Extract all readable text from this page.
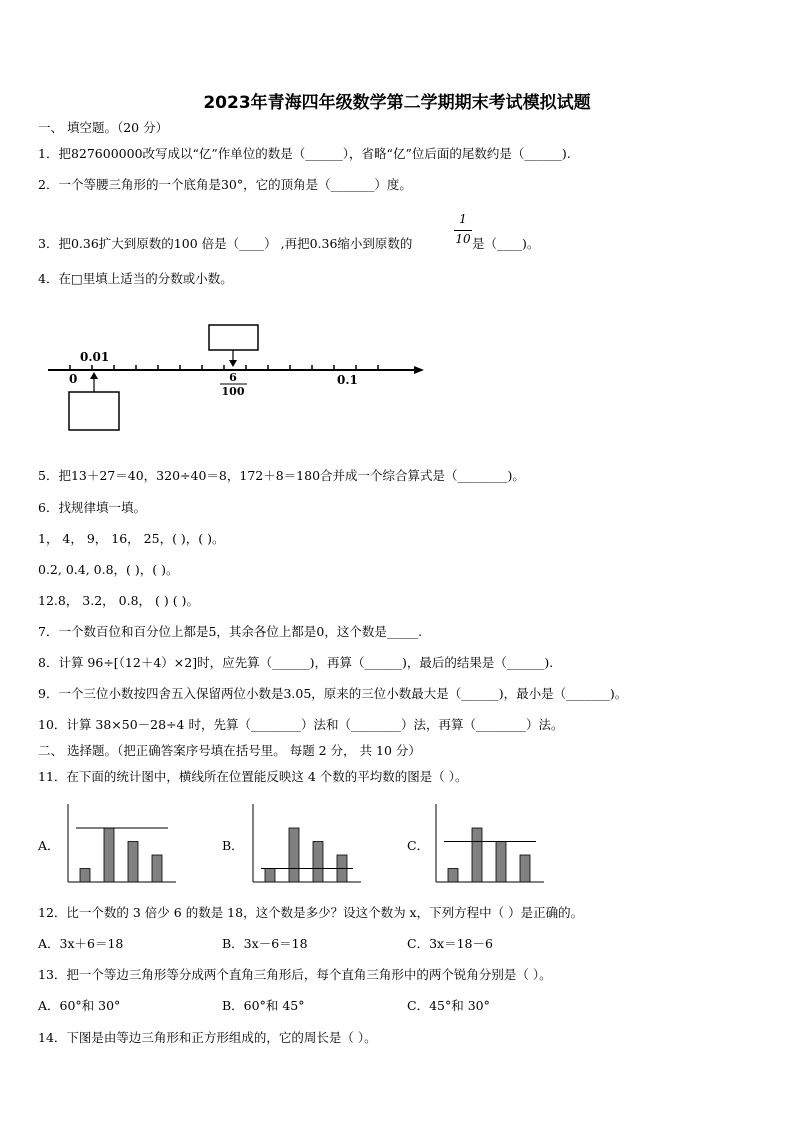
2023年青海四年级数学第二学期期末考试模拟试题
一、 填空题。（20 分）
1．把827600000改写成以“亿”作单位的数是（______），省略“亿”位后面的尾数约是（______).
2．一个等腰三角形的一个底角是30°，它的顶角是（_______）度。
3．把0.36扩大到原数的100 倍是（____） ,再把0.36缩小到原数的
1
10 是（____)。
4．在□里填上适当的分数或小数。
0
0.01
0.1
6
100
5．把13＋27＝40，320÷40＝8，172＋8＝180合并成一个综合算式是（________)。
6．找规律填一填。
1， 4， 9， 16， 25，( )，( )。
0.2, 0.4, 0.8，( )，( )。
12.8， 3.2， 0.8， ( ) ( )。
7．一个数百位和百分位上都是5，其余各位上都是0，这个数是_____.
8．计算 96÷[（12＋4）×2]时，应先算（______)，再算（______)，最后的结果是（______).
9．一个三位小数按四舍五入保留两位小数是3.05，原来的三位小数最大是（______)，最小是（_______)。
10．计算 38×50－28÷4 时，先算（________）法和（________）法，再算（________）法。
二、 选择题。（把正确答案序号填在括号里。 每题 2 分， 共 10 分）
11．在下面的统计图中，横线所在位置能反映这 4 个数的平均数的图是（ ）。
A．	B．	C．
12．比一个数的 3 倍少 6 的数是 18，这个数是多少？设这个数为 x，下列方程中（ ）是正确的。
A．3x＋6＝18	B．3x－6＝18	C．3x＝18－6
13．把一个等边三角形等分成两个直角三角形后，每个直角三角形中的两个锐角分别是（ ）。
A．60°和 30°	B．60°和 45°	C．45°和 30°
14．下图是由等边三角形和正方形组成的，它的周长是（ ）。
